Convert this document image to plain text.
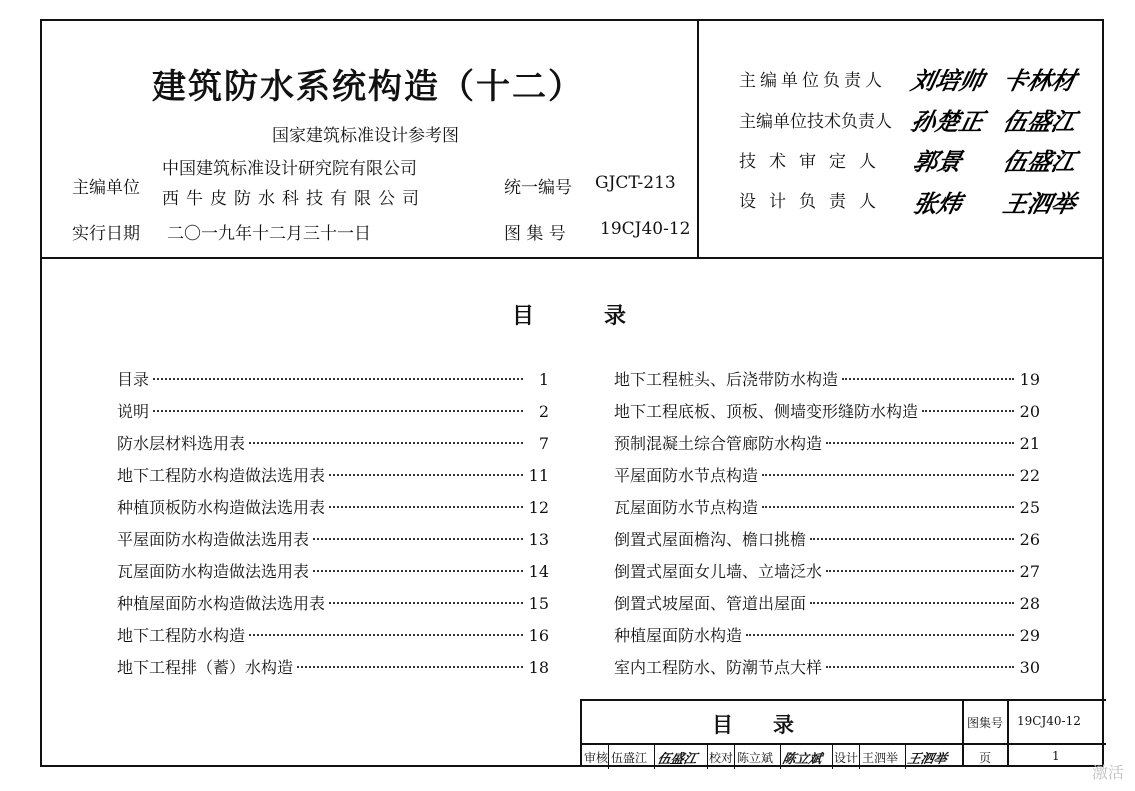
建筑防水系统构造（十二）
国家建筑标准设计参考图
主编单位
中国建筑标准设计研究院有限公司
西牛皮防水科技有限公司
统一编号 GJCT-213
实行日期 二〇一九年十二月三十一日	图 集 号 19CJ40-12
主编单位负责人 刘培帅 卡林材
主编单位技术负责人 孙楚正 伍盛江
技术审定人 郭景 伍盛江
设计负责人 张炜 王泗举
目	录
目录	1
说明	2
防水层材料选用表	7
地下工程防水构造做法选用表	11
种植顶板防水构造做法选用表	12
平屋面防水构造做法选用表	13
瓦屋面防水构造做法选用表	14
种植屋面防水构造做法选用表	15
地下工程防水构造	16
地下工程排（蓄）水构造	18
地下工程桩头、后浇带防水构造	19
地下工程底板、顶板、侧墙变形缝防水构造	20
预制混凝土综合管廊防水构造	21
平屋面防水节点构造	22
瓦屋面防水节点构造	25
倒置式屋面檐沟、檐口挑檐	26
倒置式屋面女儿墙、立墙泛水	27
倒置式坡屋面、管道出屋面	28
种植屋面防水构造	29
室内工程防水、防潮节点大样	30
目 录	图集号 19CJ40-12
审核 伍盛江 伍盛江 校对 陈立斌 陈立斌 设计 王泗举 王泗举	页	1
激活
